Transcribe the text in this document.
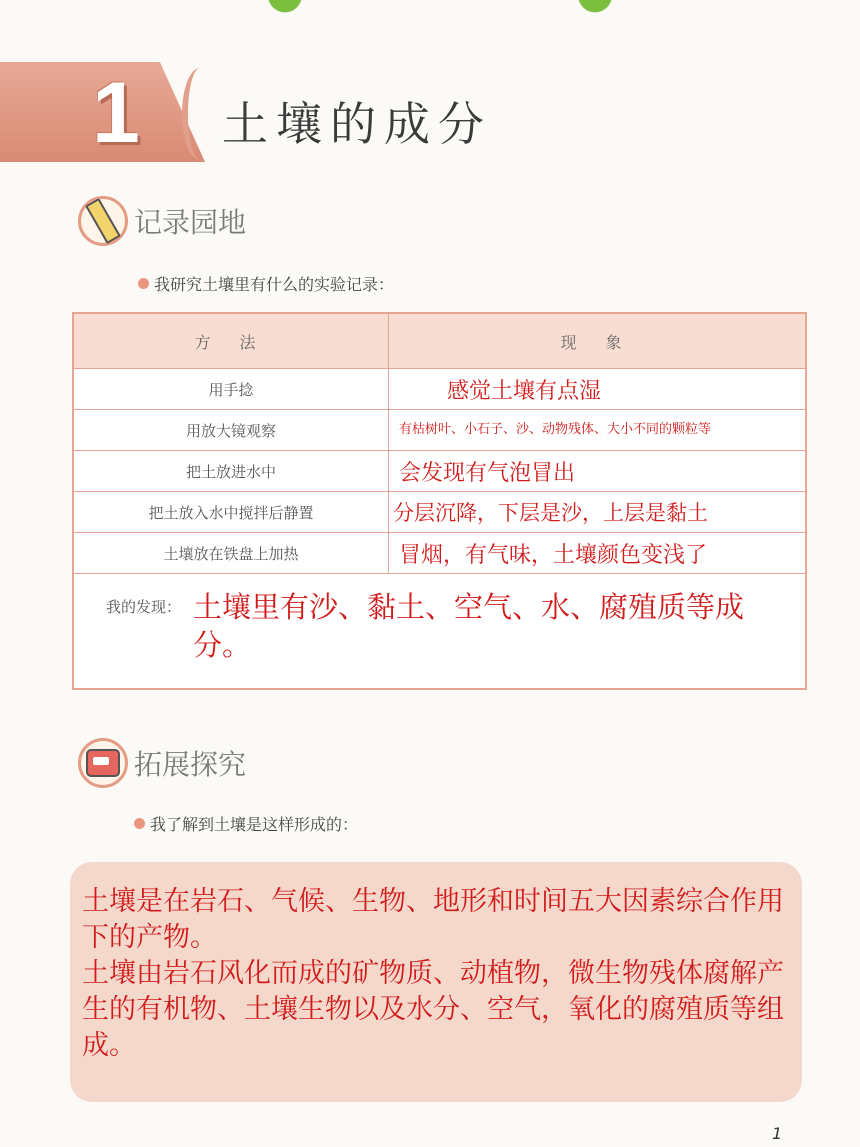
1 土壤的成分
记录园地
我研究土壤里有什么的实验记录：
方 法	现 象
用手捻	感觉土壤有点湿
用放大镜观察	有枯树叶、小石子、沙、动物残体、大小不同的颗粒等
把土放进水中	会发现有气泡冒出
把土放入水中搅拌后静置	分层沉降，下层是沙，上层是黏土
土壤放在铁盘上加热	冒烟，有气味，土壤颜色变浅了
我的发现： 土壤里有沙、黏土、空气、水、腐殖质等成分。
拓展探究
我了解到土壤是这样形成的：
土壤是在岩石、气候、生物、地形和时间五大因素综合作用下的产物。
土壤由岩石风化而成的矿物质、动植物，微生物残体腐解产生的有机物、土壤生物以及水分、空气，氧化的腐殖质等组成。
1
